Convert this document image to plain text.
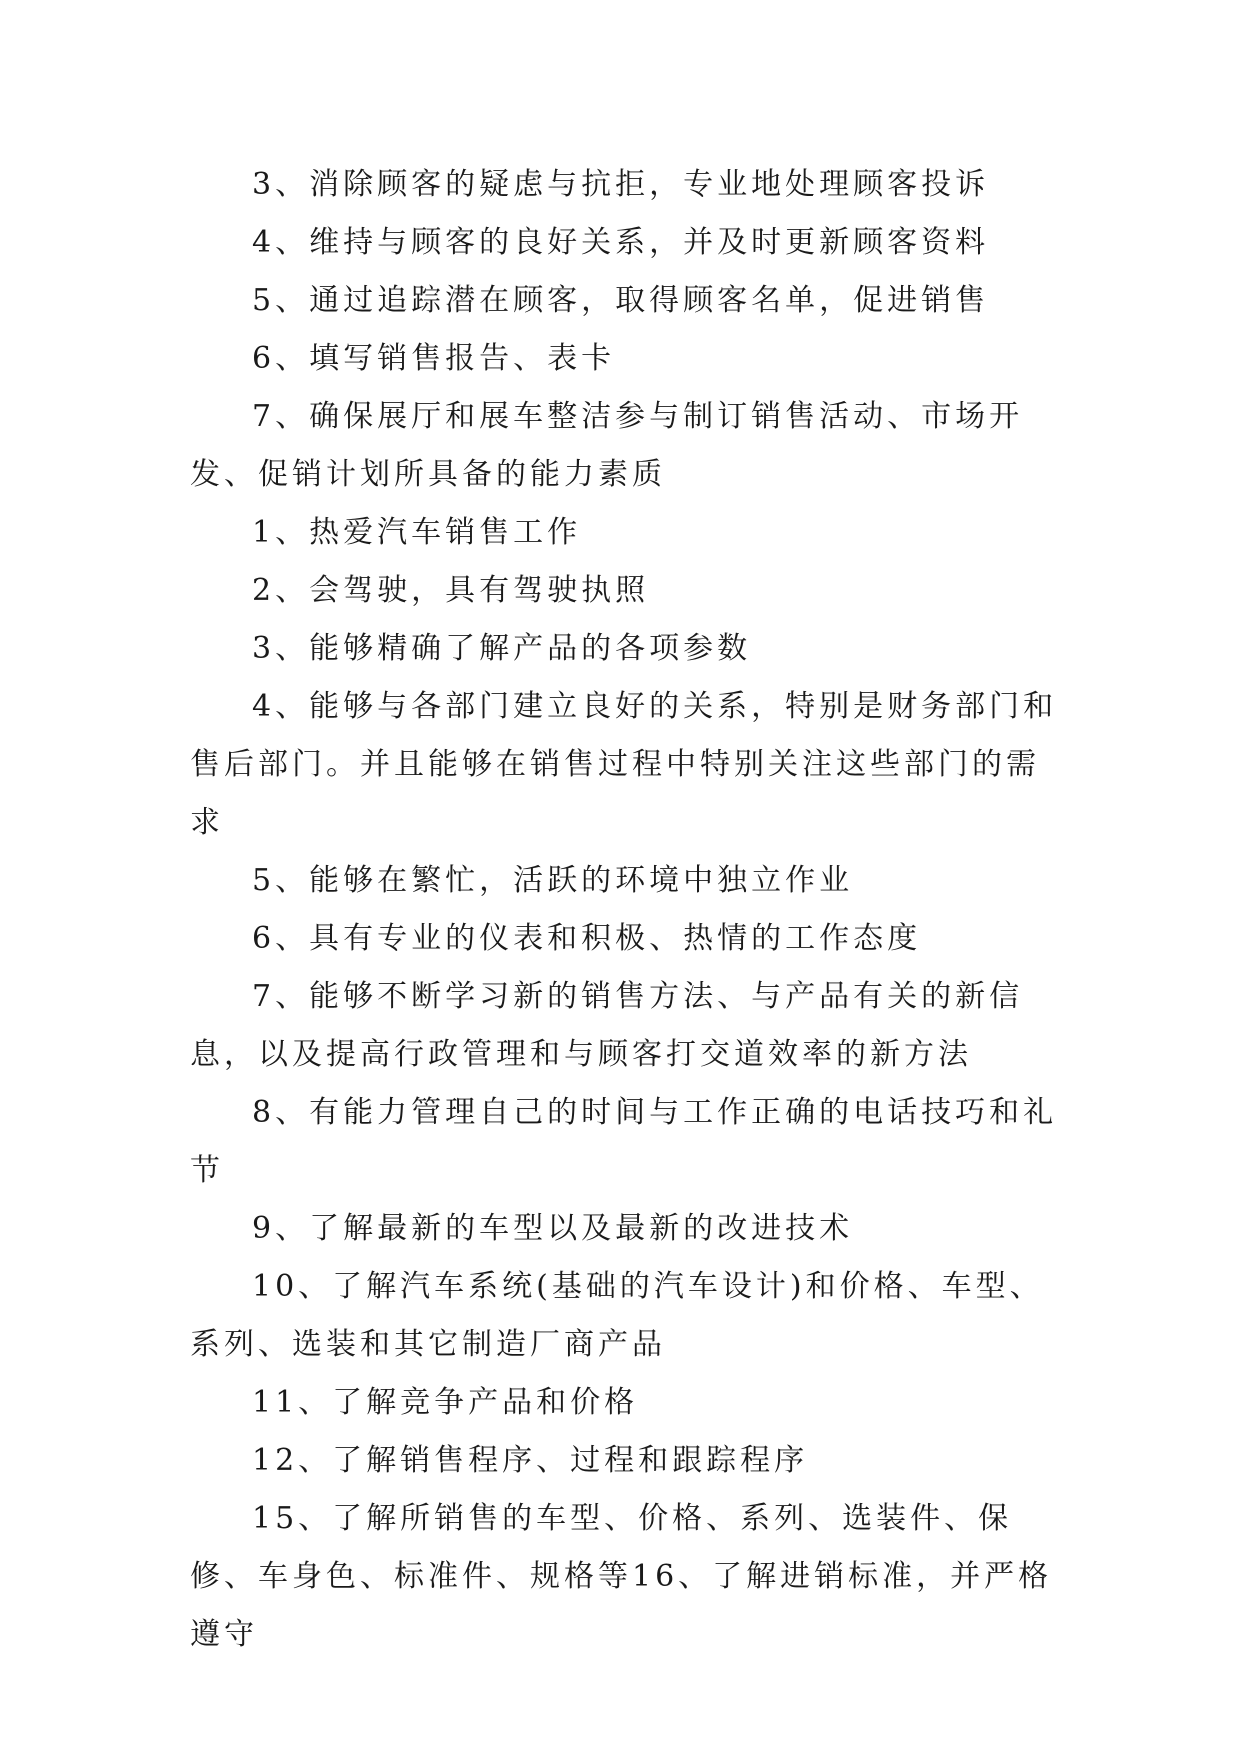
3、消除顾客的疑虑与抗拒，专业地处理顾客投诉

4、维持与顾客的良好关系，并及时更新顾客资料

5、通过追踪潜在顾客，取得顾客名单，促进销售

6、填写销售报告、表卡

7、确保展厅和展车整洁参与制订销售活动、市场开发、促销计划所具备的能力素质

1、热爱汽车销售工作

2、会驾驶，具有驾驶执照

3、能够精确了解产品的各项参数

4、能够与各部门建立良好的关系，特别是财务部门和售后部门。并且能够在销售过程中特别关注这些部门的需求

5、能够在繁忙，活跃的环境中独立作业

6、具有专业的仪表和积极、热情的工作态度

7、能够不断学习新的销售方法、与产品有关的新信息，以及提高行政管理和与顾客打交道效率的新方法

8、有能力管理自己的时间与工作正确的电话技巧和礼节

9、了解最新的车型以及最新的改进技术

10、了解汽车系统(基础的汽车设计)和价格、车型、系列、选装和其它制造厂商产品

11、了解竞争产品和价格

12、了解销售程序、过程和跟踪程序

15、了解所销售的车型、价格、系列、选装件、保修、车身色、标准件、规格等16、了解进销标准，并严格遵守
